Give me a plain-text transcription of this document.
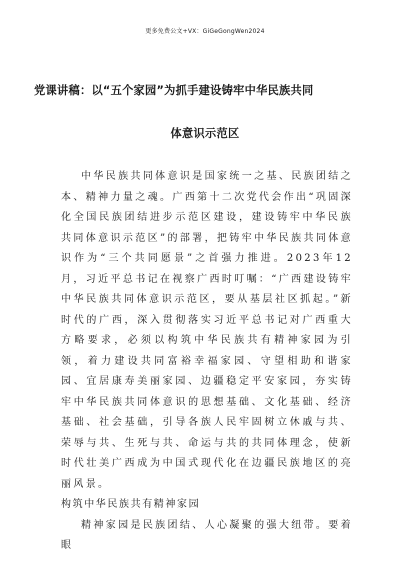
更多免费公文+VX：GiGeGongWen2024
党课讲稿：以“五个家园”为抓手建设铸牢中华民族共同
体意识示范区

中华民族共同体意识是国家统一之基、民族团结之本、精神力量之魂。广西第十二次党代会作出“巩固深化全国民族团结进步示范区建设，建设铸牢中华民族共同体意识示范区”的部署，把铸牢中华民族共同体意识作为“三个共同愿景”之首强力推进。2023年12月，习近平总书记在视察广西时叮嘱：“广西建设铸牢中华民族共同体意识示范区，要从基层社区抓起。”新时代的广西，深入贯彻落实习近平总书记对广西重大方略要求，必须以构筑中华民族共有精神家园为引领，着力建设共同富裕幸福家园、守望相助和谐家园、宜居康寿美丽家园、边疆稳定平安家园，夯实铸牢中华民族共同体意识的思想基础、文化基础、经济基础、社会基础，引导各族人民牢固树立休戚与共、荣辱与共、生死与共、命运与共的共同体理念，使新时代壮美广西成为中国式现代化在边疆民族地区的亮丽风景。

构筑中华民族共有精神家园

精神家园是民族团结、人心凝聚的强大纽带。要着眼
